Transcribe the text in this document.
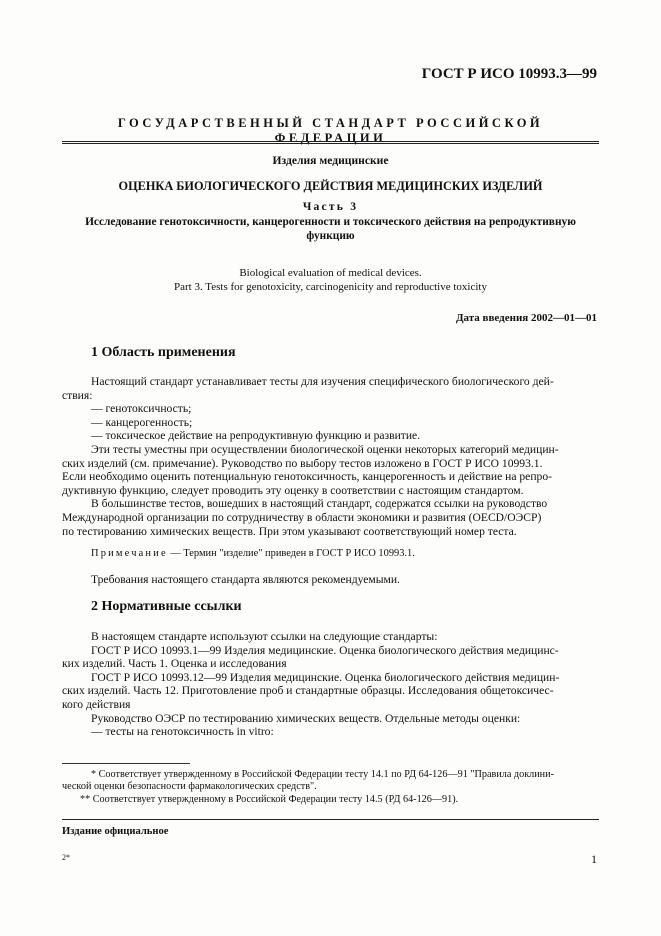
ГОСТ Р ИСО 10993.3—99
ГОСУДАРСТВЕННЫЙ СТАНДАРТ РОССИЙСКОЙ ФЕДЕРАЦИИ
Изделия медицинские
ОЦЕНКА БИОЛОГИЧЕСКОГО ДЕЙСТВИЯ МЕДИЦИНСКИХ ИЗДЕЛИЙ
Часть 3
Исследование генотоксичности, канцерогенности и токсического действия на репродуктивную
функцию
Biological evaluation of medical devices.
Part 3. Tests for genotoxicity, carcinogenicity and reproductive toxicity
Дата введения 2002—01—01
1 Область применения
Настоящий стандарт устанавливает тесты для изучения специфического биологического дей-
ствия:
— генотоксичность;
— канцерогенность;
— токсическое действие на репродуктивную функцию и развитие.
Эти тесты уместны при осуществлении биологической оценки некоторых категорий медицин-
ских изделий (см. примечание). Руководство по выбору тестов изложено в ГОСТ Р ИСО 10993.1.
Если необходимо оценить потенциальную генотоксичность, канцерогенность и действие на репро-
дуктивную функцию, следует проводить эту оценку в соответствии с настоящим стандартом.
В большинстве тестов, вошедших в настоящий стандарт, содержатся ссылки на руководство
Международной организации по сотрудничеству в области экономики и развития (OECD/ОЭСР)
по тестированию химических веществ. При этом указывают соответствующий номер теста.
Примечание — Термин "изделие" приведен в ГОСТ Р ИСО 10993.1.
Требования настоящего стандарта являются рекомендуемыми.
2 Нормативные ссылки
В настоящем стандарте используют ссылки на следующие стандарты:
ГОСТ Р ИСО 10993.1—99 Изделия медицинские. Оценка биологического действия медицинс-
ких изделий. Часть 1. Оценка и исследования
ГОСТ Р ИСО 10993.12—99 Изделия медицинские. Оценка биологического действия медицин-
ских изделий. Часть 12. Приготовление проб и стандартные образцы. Исследования общетоксичес-
кого действия
Руководство ОЭСР по тестированию химических веществ. Отдельные методы оценки:
— тесты на генотоксичность in vitro:
* Соответствует утвержденному в Российской Федерации тесту 14.1 по РД 64-126—91 "Правила доклини-
ческой оценки безопасности фармакологических средств".
** Соответствует утвержденному в Российской Федерации тесту 14.5 (РД 64-126—91).
Издание официальное
2*	1
